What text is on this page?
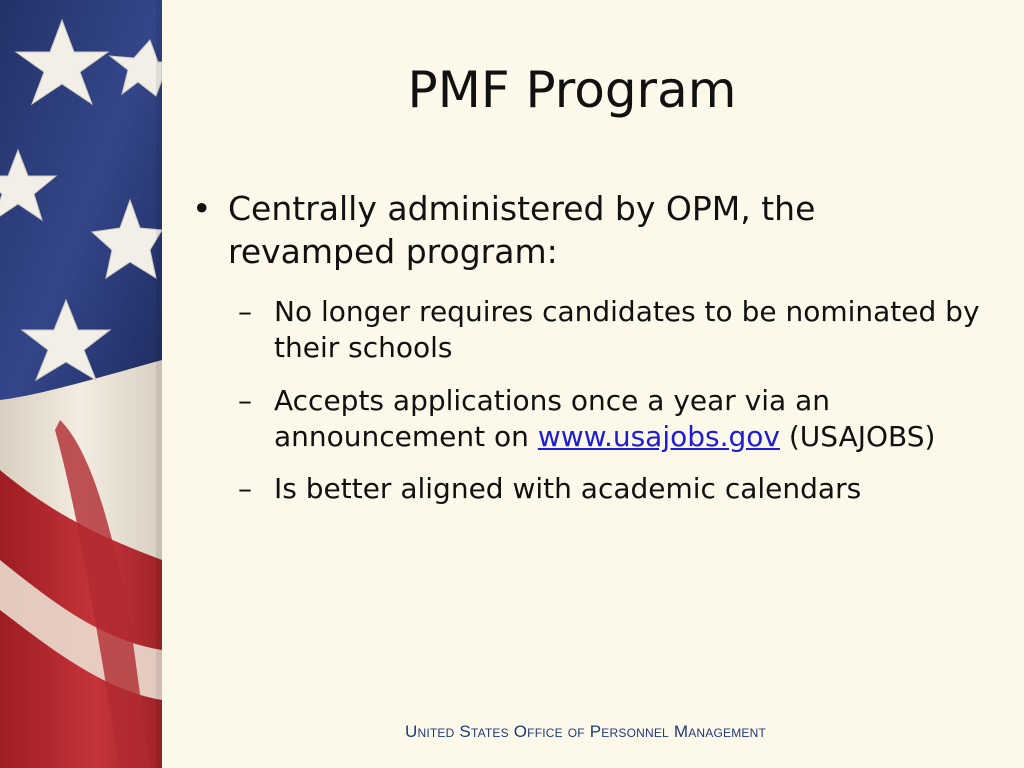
PMF Program
• Centrally administered by OPM, the revamped program:
– No longer requires candidates to be nominated by their schools
– Accepts applications once a year via an announcement on www.usajobs.gov (USAJOBS)
– Is better aligned with academic calendars
United States Office of Personnel Management
